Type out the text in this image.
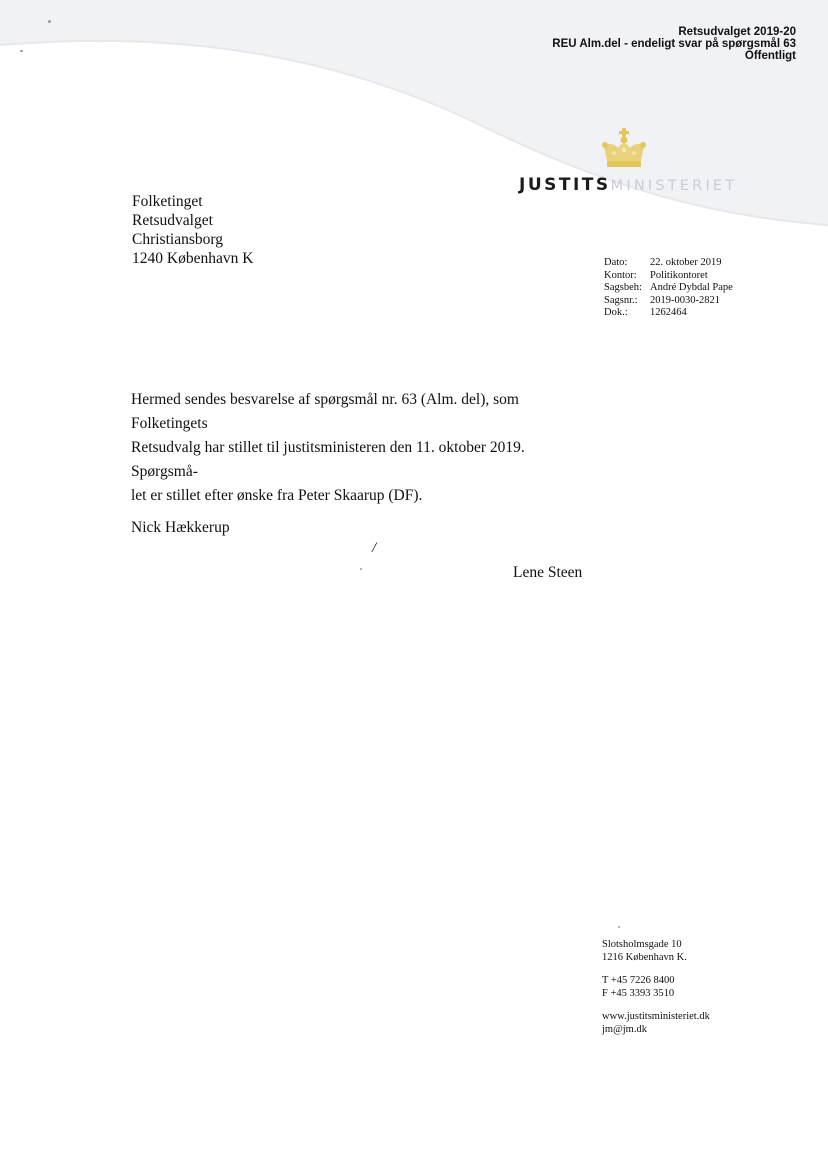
Retsudvalget 2019-20
REU Alm.del - endeligt svar på spørgsmål 63
Offentligt
JUSTITSMINISTERIET
Folketinget
Retsudvalget
Christiansborg
1240 København K	Dato:	22. oktober 2019
Kontor:	Politikontoret
Sagsbeh: André Dybdal Pape
Sagsnr.:	2019-0030-2821
Dok.:	1262464
Hermed sendes besvarelse af spørgsmål nr. 63 (Alm. del), som Folketingets
Retsudvalg har stillet til justitsministeren den 11. oktober 2019. Spørgsmå-
let er stillet efter ønske fra Peter Skaarup (DF).
Nick Hækkerup
/
Lene Steen
Slotsholmsgade 10
1216 København K.
T +45 7226 8400
F +45 3393 3510
www.justitsministeriet.dk
jm@jm.dk
